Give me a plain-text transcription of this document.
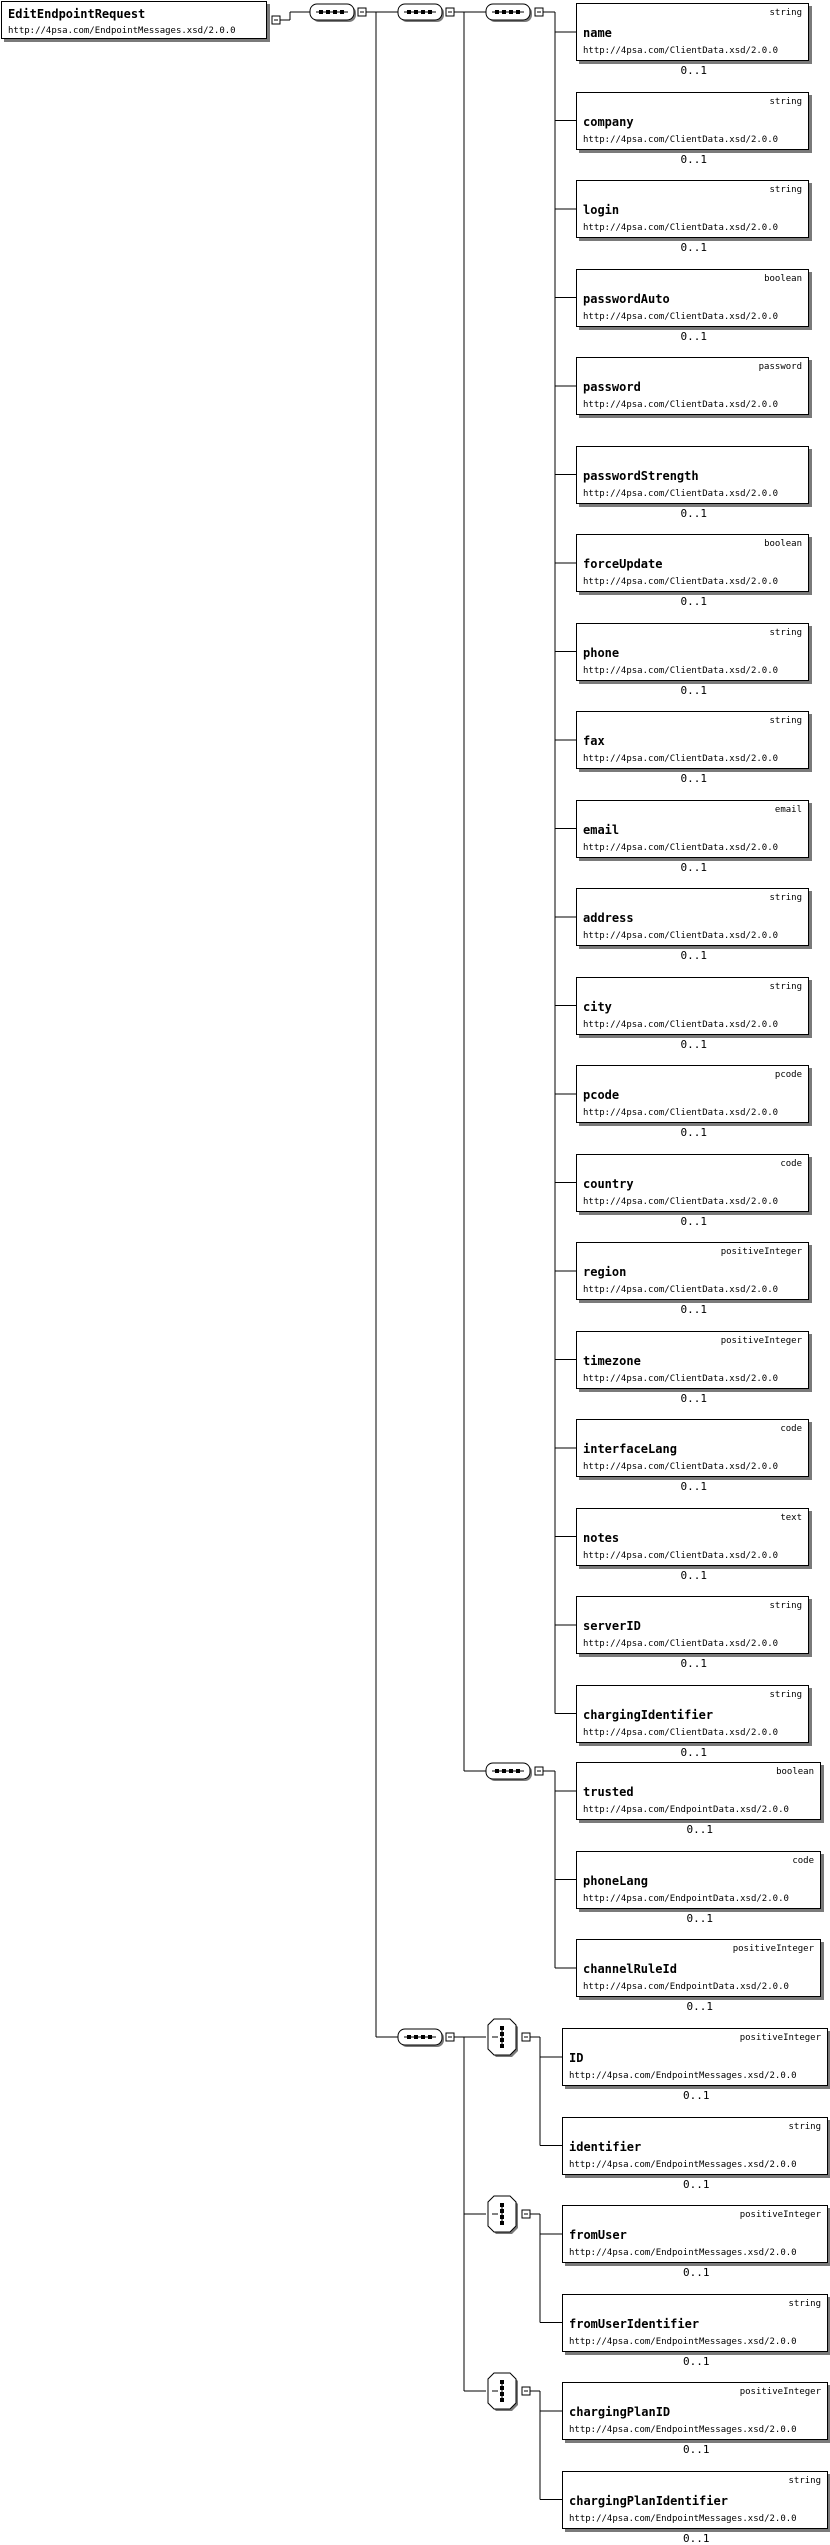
EditEndpointRequest
http://4psa.com/EndpointMessages.xsd/2.0.0
string
name
http://4psa.com/ClientData.xsd/2.0.0
0..1
string
company
http://4psa.com/ClientData.xsd/2.0.0
0..1
string
login
http://4psa.com/ClientData.xsd/2.0.0
0..1
boolean
passwordAuto
http://4psa.com/ClientData.xsd/2.0.0
0..1
password
password
http://4psa.com/ClientData.xsd/2.0.0
passwordStrength
http://4psa.com/ClientData.xsd/2.0.0
0..1
boolean
forceUpdate
http://4psa.com/ClientData.xsd/2.0.0
0..1
string
phone
http://4psa.com/ClientData.xsd/2.0.0
0..1
string
fax
http://4psa.com/ClientData.xsd/2.0.0
0..1
email
email
http://4psa.com/ClientData.xsd/2.0.0
0..1
string
address
http://4psa.com/ClientData.xsd/2.0.0
0..1
string
city
http://4psa.com/ClientData.xsd/2.0.0
0..1
pcode
pcode
http://4psa.com/ClientData.xsd/2.0.0
0..1
code
country
http://4psa.com/ClientData.xsd/2.0.0
0..1
positiveInteger
region
http://4psa.com/ClientData.xsd/2.0.0
0..1
positiveInteger
timezone
http://4psa.com/ClientData.xsd/2.0.0
0..1
code
interfaceLang
http://4psa.com/ClientData.xsd/2.0.0
0..1
text
notes
http://4psa.com/ClientData.xsd/2.0.0
0..1
string
serverID
http://4psa.com/ClientData.xsd/2.0.0
0..1
string
chargingIdentifier
http://4psa.com/ClientData.xsd/2.0.0
0..1
boolean
trusted
http://4psa.com/EndpointData.xsd/2.0.0
0..1
code
phoneLang
http://4psa.com/EndpointData.xsd/2.0.0
0..1
positiveInteger
channelRuleId
http://4psa.com/EndpointData.xsd/2.0.0
0..1
positiveInteger
ID
http://4psa.com/EndpointMessages.xsd/2.0.0
0..1
string
identifier
http://4psa.com/EndpointMessages.xsd/2.0.0
0..1
positiveInteger
fromUser
http://4psa.com/EndpointMessages.xsd/2.0.0
0..1
string
fromUserIdentifier
http://4psa.com/EndpointMessages.xsd/2.0.0
0..1
positiveInteger
chargingPlanID
http://4psa.com/EndpointMessages.xsd/2.0.0
0..1
string
chargingPlanIdentifier
http://4psa.com/EndpointMessages.xsd/2.0.0
0..1
